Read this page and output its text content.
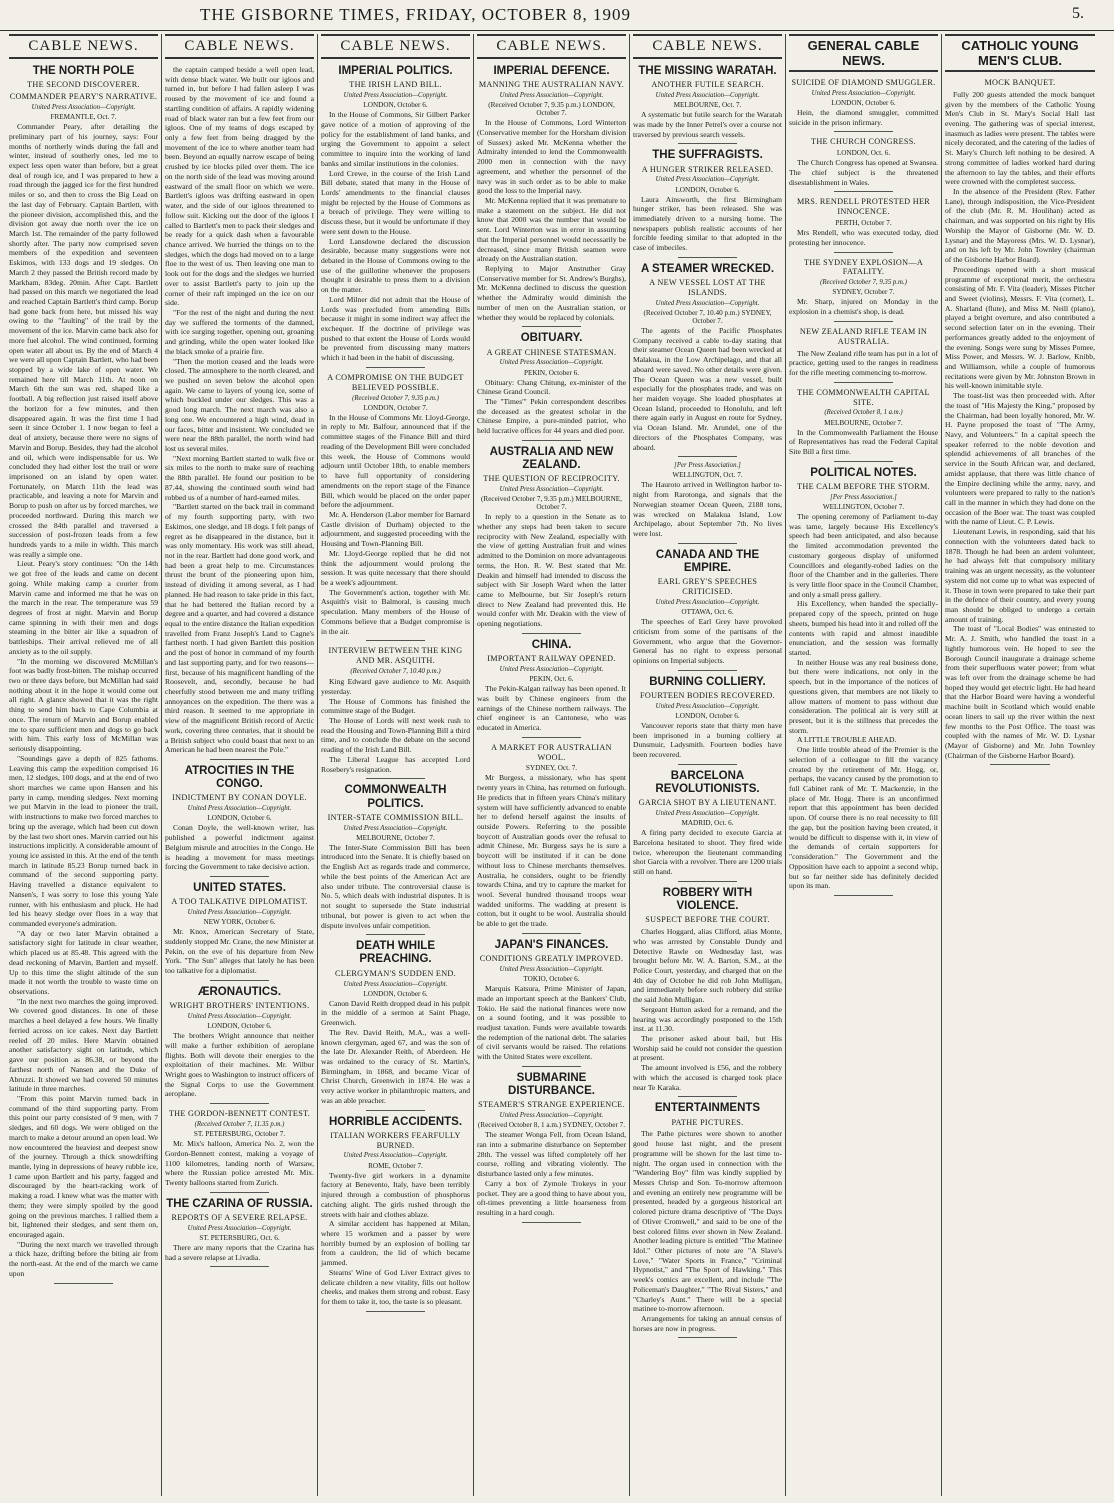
THE GISBORNE TIMES, FRIDAY, OCTOBER 8, 1909	5.
CABLE NEWS.
THE NORTH POLE
THE SECOND DISCOVERER.
COMMANDER PEARY'S NARRATIVE.
United Press Association—Copyright.
FREMANTLE, Oct. 7.

Commander Peary, after detailing the preliminary part of his journey, says: Four months of northerly winds during the fall and winter, instead of southerly ones, led me to expect less open water than before, but a great deal of rough ice, and I was prepared to hew a road through the jagged ice for the first hundred miles or so, and then to cross the Big Lead on the last day of February. Captain Bartlett, with the pioneer division, accomplished this, and the division got away due north over the ice on March 1st. The remainder of the party followed shortly after. The party now comprised seven members of the expedition and seventeen Eskimos, with 133 dogs and 19 sledges. On March 2 they passed the British record made by Markham, 83deg. 20min. After Capt. Bartlett had passed on this march we negotiated the lead and reached Captain Bartlett's third camp. Borup had gone back from here, but missed his way owing to the "faulting" of the trail by the movement of the ice. Marvin came back also for more fuel alcohol. The wind continued, forming open water all about us. By the end of March 4 we were all upon Captain Bartlett, who had been stopped by a wide lake of open water. We remained here till March 11th. At noon on March 6th the sun was red, shaped like a football. A big reflection just raised itself above the horizon for a few minutes, and then disappeared again. It was the first time I had seen it since October 1. I now began to feel a deal of anxiety, because there were no signs of Marvin and Borup. Besides, they had the alcohol and oil, which were indispensable for us. We concluded they had either lost the trail or were imprisoned on an island by open water. Fortunately, on March 11th the lead was practicable, and leaving a note for Marvin and Borup to push on after us by forced marches, we proceeded northward. During this march we crossed the 84th parallel and traversed a succession of post-frozen leads from a few hundreds yards to a mile in width. This march was really a simple one.

Lieut. Peary's story continues: "On the 14th we got free of the leads and came on decent going. While making camp a courier from Marvin came and informed me that he was on the march in the rear. The temperature was 59 degrees of frost at night. Marvin and Borup came spinning in with their men and dogs steaming in the bitter air like a squadron of battleships. Their arrival relieved me of all anxiety as to the oil supply.

"In the morning we discovered McMillan's foot was badly frost-bitten. The mishap occurred two or three days before, but McMillan had said nothing about it in the hope it would come out all right. A glance showed that it was the right thing to send him back to Cape Columbia at once. The return of Marvin and Borup enabled me to spare sufficient men and dogs to go back with him. This early loss of McMillan was seriously disappointing.

"Soundings gave a depth of 825 fathoms. Leaving this camp the expedition comprised 16 men, 12 sledges, 100 dogs, and at the end of two short marches we came upon Hansen and his party in camp, mending sledges. Next morning we put Marvin in the lead to pioneer the trail, with instructions to make two forced marches to bring up the average, which had been cut down by the last two short ones. Marvin carried out his instructions implicitly. A considerable amount of young ice assisted in this. At the end of the tenth march in latitude 85.23 Borup turned back in command of the second supporting party. Having travelled a distance equivalent to Nansen's, I was sorry to lose this young Yale runner, with his enthusiasm and pluck. He had led his heavy sledge over floes in a way that commanded everyone's admiration.

"A day or two later Marvin obtained a satisfactory sight for latitude in clear weather, which placed us at 85.48. This agreed with the dead reckoning of Marvin, Bartlett and myself. Up to this time the slight altitude of the sun made it not worth the trouble to waste time on observations.

"In the next two marches the going improved. We covered good distances. In one of these marches a heel delayed a few hours. We finally ferried across on ice cakes. Next day Bartlett reeled off 20 miles. Here Marvin obtained another satisfactory sight on latitude, which gave our position as 86.38, or beyond the farthest north of Nansen and the Duke of Abruzzi. It showed we had covered 50 minutes latitude in three marches.

"From this point Marvin turned back in command of the third supporting party. From this point our party consisted of 9 men, with 7 sledges, and 60 dogs. We were obliged on the march to make a detour around an open lead. We now encountered the heaviest and deepest snow of the journey. Through a thick snowdrifting mantle, lying in depressions of heavy rubble ice, I came upon Bartlett and his party, fagged and discouraged by the heart-racking work of making a road. I knew what was the matter with them; they were simply spoiled by the good going on the previous marches. I rallied them a bit, lightened their sledges, and sent them on, encouraged again.

"During the next march we travelled through a thick haze, drifting before the biting air from the north-east. At the end of the march we came upon

CABLE NEWS.

the captain camped beside a well open lead, with dense black water. We built our igloos and turned in, but before I had fallen asleep I was roused by the movement of ice and found a startling condition of affairs. A rapidly widening road of black water ran but a few feet from our igloos. One of my teams of dogs escaped by only a few feet from being dragged by the movement of the ice to where another team had been. Beyond an equally narrow escape of being crushed by ice blocks piled over them. The ice on the north side of the lead was moving around eastward of the small floor on which we were. Bartlett's igloos was drifting eastward in open water, and the side of our igloos threatened to follow suit. Kicking out the door of the igloos I called to Bartlett's men to pack their sledges and be ready for a quick dash when a favourable chance arrived. We hurried the things on to the sledges, which the dogs had moved on to a large floe to the west of us. Then leaving one man to look out for the dogs and the sledges we hurried over to assist Bartlett's party to join up the corner of their raft impinged on the ice on our side.

"For the rest of the night and during the next day we suffered the torments of the damned, with ice surging together, opening out, groaning and grinding, while the open water looked like the black smoke of a prairie fire.

"Then the motion ceased and the leads were closed. The atmosphere to the north cleared, and we pushed on seven below the alcohol open again. We came to layers of young ice, some of which buckled under our sledges. This was a good long march. The next march was also a long one. We encountered a high wind, dead in our faces, bitter and insistent. We concluded we were near the 88th parallel, the north wind had lost us several miles.

"Next morning Bartlett started to walk five or six miles to the north to make sure of reaching the 88th parallel. He found our position to be 87.44, showing the continued south wind had robbed us of a number of hard-earned miles.

"Bartlett started on the back trail in command of my fourth supporting party, with two Eskimos, one sledge, and 18 dogs. I felt pangs of regret as he disappeared in the distance, but it was only momentary. His work was still ahead, not in the rear. Bartlett had done good work, and had been a great help to me. Circumstances thrust the brunt of the pioneering upon him, instead of dividing it among several, as I had planned. He had reason to take pride in this fact, that he had bettered the Italian record by a degree and a quarter, and had covered a distance equal to the entire distance the Italian expedition travelled from Franz Joseph's Land to Cagne's farthest north. I had given Bartlett this position and the post of honor in command of my fourth and last supporting party, and for two reasons—first, because of his magnificent handling of the Roosevelt, and, secondly, because he had cheerfully stood between me and many trifling annoyances on the expedition. The there was a third reason. It seemed to me appropriate in view of the magnificent British record of Arctic work, covering three centuries, that it should be a British subject who could boast that next to an American he had been nearest the Pole."

ATROCITIES IN THE CONGO.
INDICTMENT BY CONAN DOYLE.
United Press Association—Copyright.
LONDON, October 6.

Conan Doyle, the well-known writer, has published a powerful indictment against Belgium misrule and atrocities in the Congo. He is heading a movement for mass meetings forcing the Government to take decisive action.

UNITED STATES.
A TOO TALKATIVE DIPLOMATIST.
United Press Association—Copyright.
NEW YORK, October 6.

Mr. Knox, American Secretary of State, suddenly stopped Mr. Crane, the new Minister at Pekin, on the eve of his departure from New York. "The Sun" alleges that lately he has been too talkative for a diplomatist.

ÆRONAUTICS.
WRIGHT BROTHERS' INTENTIONS.
United Press Association—Copyright.
LONDON, October 6.

The brothers Wright announce that neither will make a further exhibition of aeroplane flights. Both will devote their energies to the exploitation of their machines. Mr. Wilbur Wright goes to Washington to instruct officers of the Signal Corps to use the Government aeroplane.

THE GORDON-BENNETT CONTEST.
(Received October 7, 11.35 p.m.)
ST. PETERSBURG, October 7.

Mr. Mix's balloon, America No. 2, won the Gordon-Bennett contest, making a voyage of 1100 kilometres, landing north of Warsaw, where the Russian police arrested Mr. Mix. Twenty balloons started from Zurich.

THE CZARINA OF RUSSIA.
REPORTS OF A SEVERE RELAPSE.
United Press Association—Copyright.
ST. PETERSBURG, Oct. 6.

There are many reports that the Czarina has had a severe relapse at Livadia.

CABLE NEWS.
IMPERIAL POLITICS.
THE IRISH LAND BILL.
United Press Association—Copyright.
LONDON, October 6.

In the House of Commons, Sir Gilbert Parker gave notice of a motion of approving of the policy for the establishment of land banks, and urging the Government to appoint a select committee to inquire into the working of land banks and similar institutions in the colonies.

Lord Crewe, in the course of the Irish Land Bill debate, stated that many in the House of Lords' amendments to the financial clauses might be rejected by the House of Commons as a breach of privilege. They were willing to discuss these, but it would be unfortunate if they were sent down to the House.

Lord Lansdowne declared the discussion desirable, because many suggestions were not debated in the House of Commons owing to the use of the guillotine whenever the proposers thought it desirable to press them to a division on the matter.

Lord Milner did not admit that the House of Lords was precluded from amending Bills because it might in some indirect way affect the exchequer. If the doctrine of privilege was pushed to that extent the House of Lords would be prevented from discussing many matters which it had been in the habit of discussing.

A COMPROMISE ON THE BUDGET BELIEVED POSSIBLE.
(Received October 7, 9.35 p.m.)
LONDON, October 7.

In the House of Commons Mr. Lloyd-George, in reply to Mr. Balfour, announced that if the committee stages of the Finance Bill and third reading of the Development Bill were concluded this week, the House of Commons would adjourn until October 18th, to enable members to have full opportunity of considering amendments on the report stage of the Finance Bill, which would be placed on the order paper before the adjournment.

Mr. A. Henderson (Labor member for Barnard Castle division of Durham) objected to the adjournment, and suggested proceeding with the Housing and Town-Planning Bill.

Mr. Lloyd-George replied that he did not think the adjournment would prolong the session. It was quite necessary that there should be a week's adjournment.

The Government's action, together with Mr. Asquith's visit to Balmoral, is causing much speculation. Many members of the House of Commons believe that a Budget compromise is in the air.

INTERVIEW BETWEEN THE KING AND MR. ASQUITH.
(Received October 7, 10.40 p.m.)

King Edward gave audience to Mr. Asquith yesterday.

The House of Commons has finished the committee stage of the Budget.

The House of Lords will next week rush to read the Housing and Town-Planning Bill a third time, and to conclude the debate on the second reading of the Irish Land Bill.

The Liberal League has accepted Lord Rosebery's resignation.

COMMONWEALTH POLITICS.
INTER-STATE COMMISSION BILL.
United Press Association—Copyright.
MELBOURNE, October 7.

The Inter-State Commission Bill has been introduced into the Senate. It is chiefly based on the English Act as regards trade and commerce, while the best points of the American Act are also under tribute. The controversial clause is No. 5, which deals with industrial disputes. It is not sought to supersede the State industrial tribunal, but power is given to act when the dispute involves unfair competition.

DEATH WHILE PREACHING.
CLERGYMAN'S SUDDEN END.
United Press Association—Copyright.
LONDON, October 6.

Canon David Reith dropped dead in his pulpit in the middle of a sermon at Saint Phage, Greenwich.

The Rev. David Reith, M.A., was a well-known clergyman, aged 67, and was the son of the late Dr. Alexander Reith, of Aberdeen. He was ordained to the curacy of St. Martin's, Birmingham, in 1868, and became Vicar of Christ Church, Greenwich in 1874. He was a very active worker in philanthropic matters, and was an able preacher.

HORRIBLE ACCIDENTS.
ITALIAN WORKERS FEARFULLY BURNED.
United Press Association—Copyright.
ROME, October 7.

Twenty-five girl workers in a dynamite factory at Benevento, Italy, have been terribly injured through a combustion of phosphorus catching alight. The girls rushed through the streets with hair and clothes ablaze.

A similar accident has happened at Milan, where 15 workmen and a passer by were horribly burned by an explosion of boiling tar from a cauldron, the lid of which became jammed.

Stearns' Wine of God Liver Extract gives to delicate children a new vitality, fills out hollow cheeks, and makes them strong and robust. Easy for them to take it, too, the taste is so pleasant.

CABLE NEWS.
IMPERIAL DEFENCE.
MANNING THE AUSTRALIAN NAVY.
United Press Association—Copyright.
(Received October 7, 9.35 p.m.) LONDON, October 7.

In the House of Commons, Lord Winterton (Conservative member for the Horsham division of Sussex) asked Mr. McKenna whether the Admiralty intended to lend the Commonwealth 2000 men in connection with the navy agreement, and whether the personnel of the navy was in such order as to be able to make good the loss to the Imperial navy.

Mr. McKenna replied that it was premature to make a statement on the subject. He did not know that 2000 was the number that would be sent. Lord Winterton was in error in assuming that the Imperial personnel would necessarily be decreased, since many British seamen were already on the Australian station.

Replying to Major Anstruther Gray (Conservative member for St. Andrew's Burghs), Mr. McKenna declined to discuss the question whether the Admiralty would diminish the number of men on the Australian station, or whether they would be replaced by colonials.

OBITUARY.
A GREAT CHINESE STATESMAN.
United Press Association—Copyright.
PEKIN, October 6.

Obituary: Chang Chitung, ex-minister of the Chinese Grand Council.

The "Times'" Pekin correspondent describes the deceased as the greatest scholar in the Chinese Empire, a pure-minded patriot, who held lucrative offices for 44 years and died poor.

AUSTRALIA AND NEW ZEALAND.
THE QUESTION OF RECIPROCITY.
United Press Association—Copyright.
(Received October 7, 9.35 p.m.) MELBOURNE, October 7.

In reply to a question in the Senate as to whether any steps had been taken to secure reciprocity with New Zealand, especially with the view of getting Australian fruit and wines admitted to the Dominion on more advantageous terms, the Hon. R. W. Best stated that Mr. Deakin and himself had intended to discuss the subject with Sir Joseph Ward when the latter came to Melbourne, but Sir Joseph's return direct to New Zealand had prevented this. He would confer with Mr. Deakin with the view of opening negotiations.

CHINA.
IMPORTANT RAILWAY OPENED.
United Press Association—Copyright.
PEKIN, Oct. 6.

The Pekin-Kalgan railway has been opened. It was built by Chinese engineers from the earnings of the Chinese northern railways. The chief engineer is an Cantonese, who was educated in America.

A MARKET FOR AUSTRALIAN WOOL.
SYDNEY, Oct. 7.

Mr Burgess, a missionary, who has spent twenty years in China, has returned on furlough. He predicts that in fifteen years China's military system will have sufficiently advanced to enable her to defend herself against the insults of outside Powers. Referring to the possible boycott of Australian goods over the refusal to admit Chinese, Mr. Burgess says he is sure a boycott will be instituted if it can be done without loss to Chinese merchants themselves. Australia, he considers, ought to be friendly towards China, and try to capture the market for wool. Several hundred thousand troops wear wadded uniforms. The wadding at present is cotton, but it ought to be wool. Australia should be able to get the trade.

JAPAN'S FINANCES.
CONDITIONS GREATLY IMPROVED.
United Press Association—Copyright.
TOKIO, October 6.

Marquis Katsura, Prime Minister of Japan, made an important speech at the Bankers' Club, Tokio. He said the national finances were now on a sound footing, and it was possible to readjust taxation. Funds were available towards the redemption of the national debt. The salaries of civil servants would be raised. The relations with the United States were excellent.

SUBMARINE DISTURBANCE.
STEAMER'S STRANGE EXPERIENCE.
United Press Association—Copyright.
(Received October 8, 1 a.m.) SYDNEY, October 7.

The steamer Wonga Fell, from Ocean Island, ran into a submarine disturbance on September 28th. The vessel was lifted completely off her course, rolling and vibrating violently. The disturbance lasted only a few minutes.

Carry a box of Zymole Trokeys in your pocket. They are a good thing to have about you, oft-times preventing a little hoarseness from resulting in a hard cough.

CABLE NEWS.
THE MISSING WARATAH.
ANOTHER FUTILE SEARCH.
United Press Association—Copyright.
MELBOURNE, Oct. 7.

A systematic but futile search for the Waratah was made by the Inner Petrel's over a course not traversed by previous search vessels.

THE SUFFRAGISTS.
A HUNGER STRIKER RELEASED.
United Press Association—Copyright.
LONDON, October 6.

Laura Ainsworth, the first Birmingham hunger striker, has been released. She was immediately driven to a nursing home. The newspapers publish realistic accounts of her forcible feeding similar to that adopted in the case of imbeciles.

A STEAMER WRECKED.
A NEW VESSEL LOST AT THE ISLANDS.
United Press Association—Copyright.
(Received October 7, 10.40 p.m.) SYDNEY, October 7.

The agents of the Pacific Phosphates Company received a cable to-day stating that their steamer Ocean Queen had been wrecked at Malakua, in the Low Archipelago, and that all aboard were saved. No other details were given. The Ocean Queen was a new vessel, built especially for the phosphates trade, and was on her maiden voyage. She loaded phosphates at Ocean Island, proceeded to Honolulu, and left there again early in August en route for Sydney, via Ocean Island. Mr. Arundel, one of the directors of the Phosphates Company, was aboard.

[Per Press Association.]
WELLINGTON, Oct. 7.

The Hauroto arrived in Wellington harbor to-night from Rarotonga, and signals that the Norwegian steamer Ocean Queen, 2188 tons, was wrecked on Malakua Island, Low Archipelago, about September 7th. No lives were lost.

CANADA AND THE EMPIRE.
EARL GREY'S SPEECHES CRITICISED.
United Press Association—Copyright.
OTTAWA, Oct. 6.

The speeches of Earl Grey have provoked criticism from some of the partisans of the Government, who argue that the Governor-General has no right to express personal opinions on Imperial subjects.

BURNING COLLIERY.
FOURTEEN BODIES RECOVERED.
United Press Association—Copyright.
LONDON, October 6.

Vancouver reports state that thirty men have been imprisoned in a burning colliery at Dunsmuir, Ladysmith. Fourteen bodies have been recovered.

BARCELONA REVOLUTIONISTS.
GARCIA SHOT BY A LIEUTENANT.
United Press Association—Copyright.
MADRID, Oct. 6.

A firing party decided to execute Garcia at Barcelona hesitated to shoot. They fired wide twice, whereupon the lieutenant commanding shot Garcia with a revolver. There are 1200 trials still on hand.

ROBBERY WITH VIOLENCE.
SUSPECT BEFORE THE COURT.

Charles Hoggard, alias Clifford, alias Monte, who was arrested by Constable Dundy and Detective Rawle on Wednesday last, was brought before Mr. W. A. Barton, S.M., at the Police Court, yesterday, and charged that on the 4th day of October he did rob John Mulligan, and immediately before such robbery did strike the said John Mulligan.

Sergeant Hutton asked for a remand, and the hearing was accordingly postponed to the 15th inst. at 11.30.

The prisoner asked about bail, but His Worship said he could not consider the question at present.

The amount involved is £56, and the robbery with which the accused is charged took place near Te Karaka.

ENTERTAINMENTS
PATHE PICTURES.

The Pathe pictures were shown to another good house last night, and the present programme will be shown for the last time to-night. The organ used in connection with the "Wandering Boy" film was kindly supplied by Messrs Chrisp and Son. To-morrow afternoon and evening an entirely new programme will be presented, headed by a gorgeous historical art colored picture drama descriptive of "The Days of Oliver Cromwell," and said to be one of the best colored films ever shown in New Zealand. Another leading picture is entitled "The Matinee Idol." Other pictures of note are "A Slave's Love," "Water Sports in France," "Criminal Hypnotist," and "The Sport of Hawking." This week's comics are excellent, and include "The Policeman's Daughter," "The Rival Sisters," and "Charley's Aunt." There will be a special matinee to-morrow afternoon.

Arrangements for taking an annual census of horses are now in progress.

GENERAL CABLE NEWS.
SUICIDE OF DIAMOND SMUGGLER.
United Press Association—Copyright.
LONDON, October 6.

Hein, the diamond smuggler, committed suicide in the prison infirmary.

THE CHURCH CONGRESS.
LONDON, Oct. 6.

The Church Congress has opened at Swansea. The chief subject is the threatened disestablishment in Wales.

MRS. RENDELL PROTESTED HER INNOCENCE.
PERTH, October 7.

Mrs Rendell, who was executed today, died protesting her innocence.

THE SYDNEY EXPLOSION—A FATALITY.
(Received October 7, 9.35 p.m.)
SYDNEY, October 7.

Mr. Sharp, injured on Monday in the explosion in a chemist's shop, is dead.

NEW ZEALAND RIFLE TEAM IN AUSTRALIA.

The New Zealand rifle team has put in a lot of practice, getting used to the ranges in readiness for the rifle meeting commencing to-morrow.

THE COMMONWEALTH CAPITAL SITE.
(Received October 8, 1 a.m.)
MELBOURNE, October 7.

In the Commonwealth Parliament the House of Representatives has read the Federal Capital Site Bill a first time.

POLITICAL NOTES.
THE CALM BEFORE THE STORM.
[Per Press Association.]
WELLINGTON, October 7.

The opening ceremony of Parliament to-day was tame, largely because His Excellency's speech had been anticipated, and also because the limited accommodation prevented the customary gorgeous display of uniformed Councillors and elegantly-robed ladies on the floor of the Chamber and in the galleries. There is very little floor space in the Council Chamber, and only a small press gallery.

His Excellency, when handed the specially-prepared copy of the speech, printed on huge sheets, bumped his head into it and rolled off the contents with rapid and almost inaudible enunciation, and the session was formally started.

In neither House was any real business done, but there were indications, not only in the speech, but in the importance of the notices of questions given, that members are not likely to allow matters of moment to pass without due consideration. The political air is very still at present, but it is the stillness that precedes the storm.

A LITTLE TROUBLE AHEAD.

One little trouble ahead of the Premier is the selection of a colleague to fill the vacancy created by the retirement of Mr. Hogg, or, perhaps, the vacancy caused by the promotion to full Cabinet rank of Mr. T. Mackenzie, in the place of Mr. Hogg. There is an unconfirmed report that this appointment has been decided upon. Of course there is no real necessity to fill the gap, but the position having been created, it would be difficult to dispense with it, in view of the demands of certain supporters for "consideration." The Government and the Opposition have each to appoint a second whip, but so far neither side has definitely decided upon its man.

CATHOLIC YOUNG MEN'S CLUB.
MOCK BANQUET.

Fully 200 guests attended the mock banquet given by the members of the Catholic Young Men's Club in St. Mary's Social Hall last evening. The gathering was of special interest, inasmuch as ladies were present. The tables were nicely decorated, and the catering of the ladies of St. Mary's Church left nothing to be desired. A strong committee of ladies worked hard during the afternoon to lay the tables, and their efforts were crowned with the completest success.

In the absence of the President (Rev. Father Lane), through indisposition, the Vice-President of the club (Mr. R. M. Houlihan) acted as chairman, and was supported on his right by His Worship the Mayor of Gisborne (Mr. W. D. Lysnar) and the Mayoress (Mrs. W. D. Lysnar), and on his left by Mr. John Townley (chairman of the Gisborne Harbor Board).

Proceedings opened with a short musical programme of exceptional merit, the orchestra consisting of Mr. F. Vita (leader), Misses Pitcher and Sweet (violins), Messrs. F. Vita (cornet), L. A. Sharland (flute), and Miss M. Neill (piano), played a bright overture, and also contributed a second selection later on in the evening. Their performances greatly added to the enjoyment of the evening. Songs were sung by Misses Pomee, Miss Power, and Messrs. W. J. Barlow, Knibb, and Williamson, while a couple of humorous recitations were given by Mr. Johnston Brown in his well-known inimitable style.

The toast-list was then proceeded with. After the toast of "His Majesty the King," proposed by the Chairman, had been loyally honored, Mr. W. H. Payne proposed the toast of "The Army, Navy, and Volunteers." In a capital speech the speaker referred to the noble devotion and splendid achievements of all branches of the service in the South African war, and declared, amidst applause, that there was little chance of the Empire declining while the army, navy, and volunteers were prepared to rally to the nation's call in the manner in which they had done on the occasion of the Boer war. The toast was coupled with the name of Lieut. C. P. Lewis.

Lieutenant Lewis, in responding, said that his connection with the volunteers dated back to 1878. Though he had been an ardent volunteer, he had always felt that compulsory military training was an urgent necessity, as the volunteer system did not come up to what was expected of it. Those in town were prepared to take their part in the defence of their country, and every young man should be obliged to undergo a certain amount of training.

The toast of "Local Bodies" was entrusted to Mr. A. J. Smith, who handled the toast in a lightly humorous vein. He hoped to see the Borough Council inaugurate a drainage scheme from their superfluous water power; from what was left over from the drainage scheme he had hoped they would get electric light. He had heard that the Harbor Board were having a wonderful machine built in Scotland which would enable ocean liners to sail up the river within the next few months to the Post Office. The toast was coupled with the names of Mr. W. D. Lysnar (Mayor of Gisborne) and Mr. John Townley (Chairman of the Gisborne Harbor Board).
